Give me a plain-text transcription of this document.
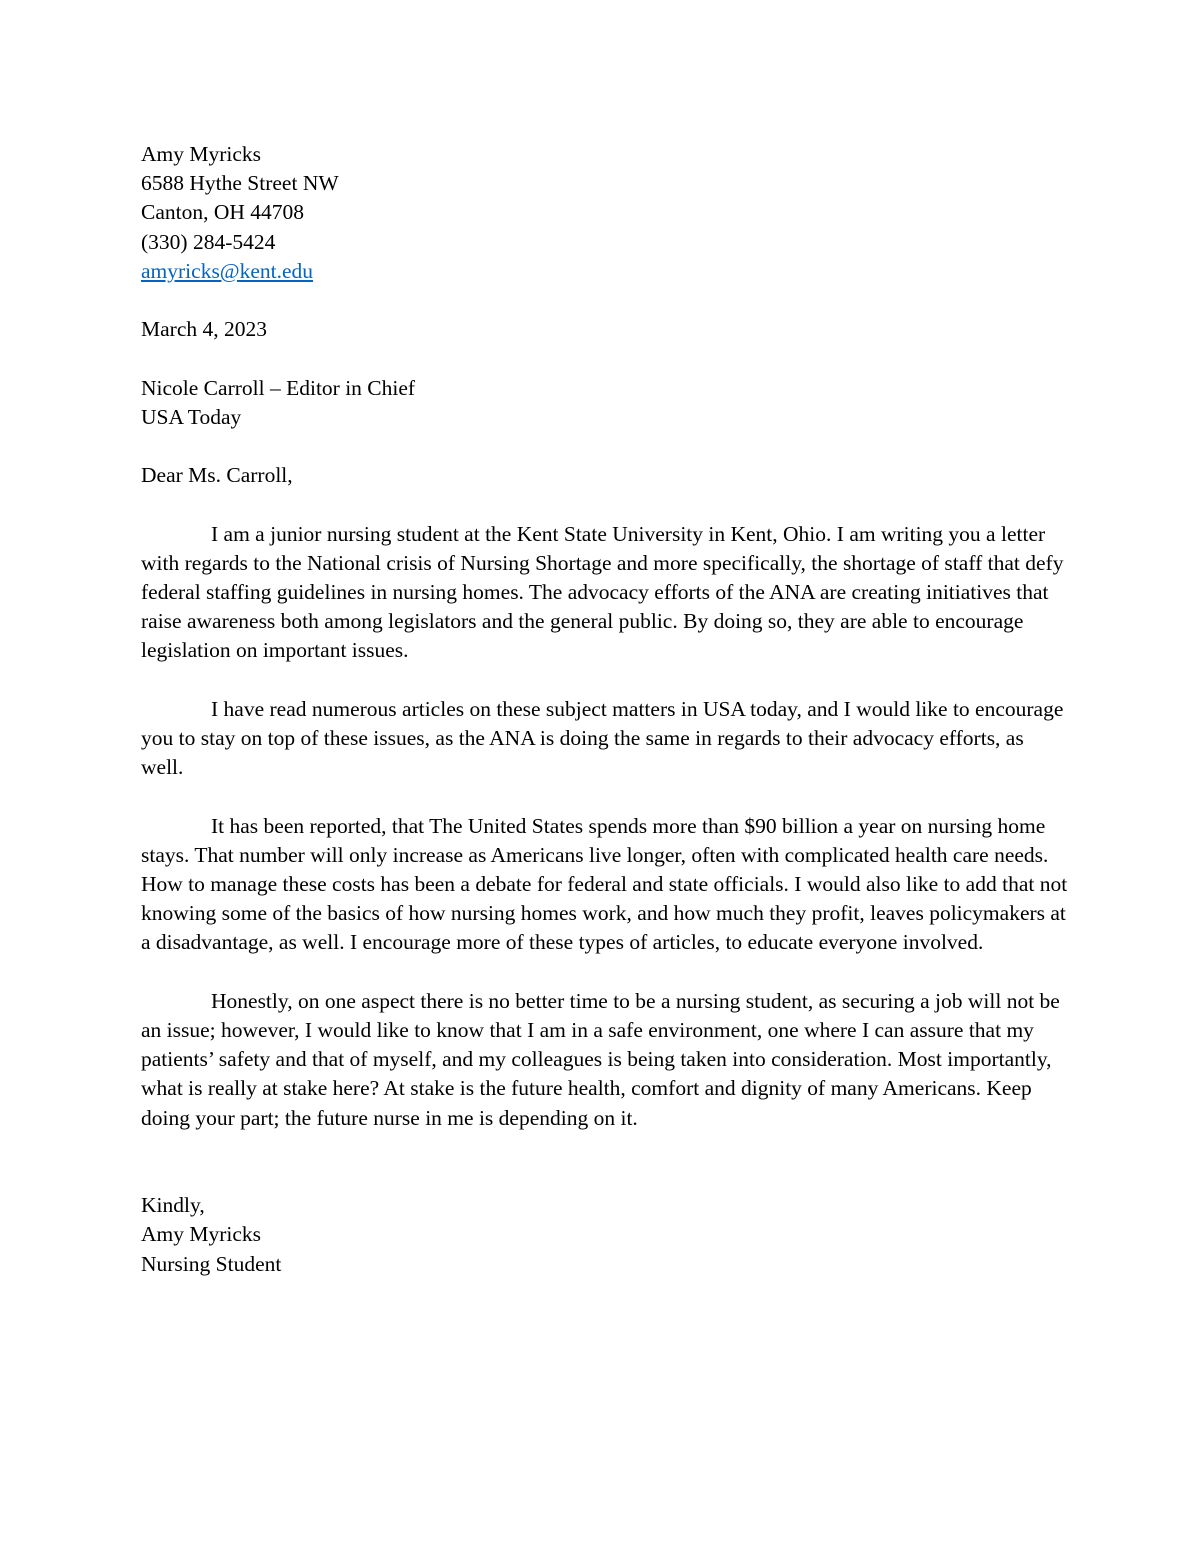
Amy Myricks
6588 Hythe Street NW
Canton, OH 44708
(330) 284-5424
amyricks@kent.edu
March 4, 2023
Nicole Carroll – Editor in Chief
USA Today
Dear Ms. Carroll,

I am a junior nursing student at the Kent State University in Kent, Ohio. I am writing you a letter with regards to the National crisis of Nursing Shortage and more specifically, the shortage of staff that defy federal staffing guidelines in nursing homes. The advocacy efforts of the ANA are creating initiatives that raise awareness both among legislators and the general public. By doing so, they are able to encourage legislation on important issues.

I have read numerous articles on these subject matters in USA today, and I would like to encourage you to stay on top of these issues, as the ANA is doing the same in regards to their advocacy efforts, as well.

It has been reported, that The United States spends more than $90 billion a year on nursing home stays. That number will only increase as Americans live longer, often with complicated health care needs. How to manage these costs has been a debate for federal and state officials. I would also like to add that not knowing some of the basics of how nursing homes work, and how much they profit, leaves policymakers at a disadvantage, as well. I encourage more of these types of articles, to educate everyone involved.

Honestly, on one aspect there is no better time to be a nursing student, as securing a job will not be an issue; however, I would like to know that I am in a safe environment, one where I can assure that my patients’ safety and that of myself, and my colleagues is being taken into consideration. Most importantly, what is really at stake here? At stake is the future health, comfort and dignity of many Americans. Keep doing your part; the future nurse in me is depending on it.

Kindly,
Amy Myricks
Nursing Student
